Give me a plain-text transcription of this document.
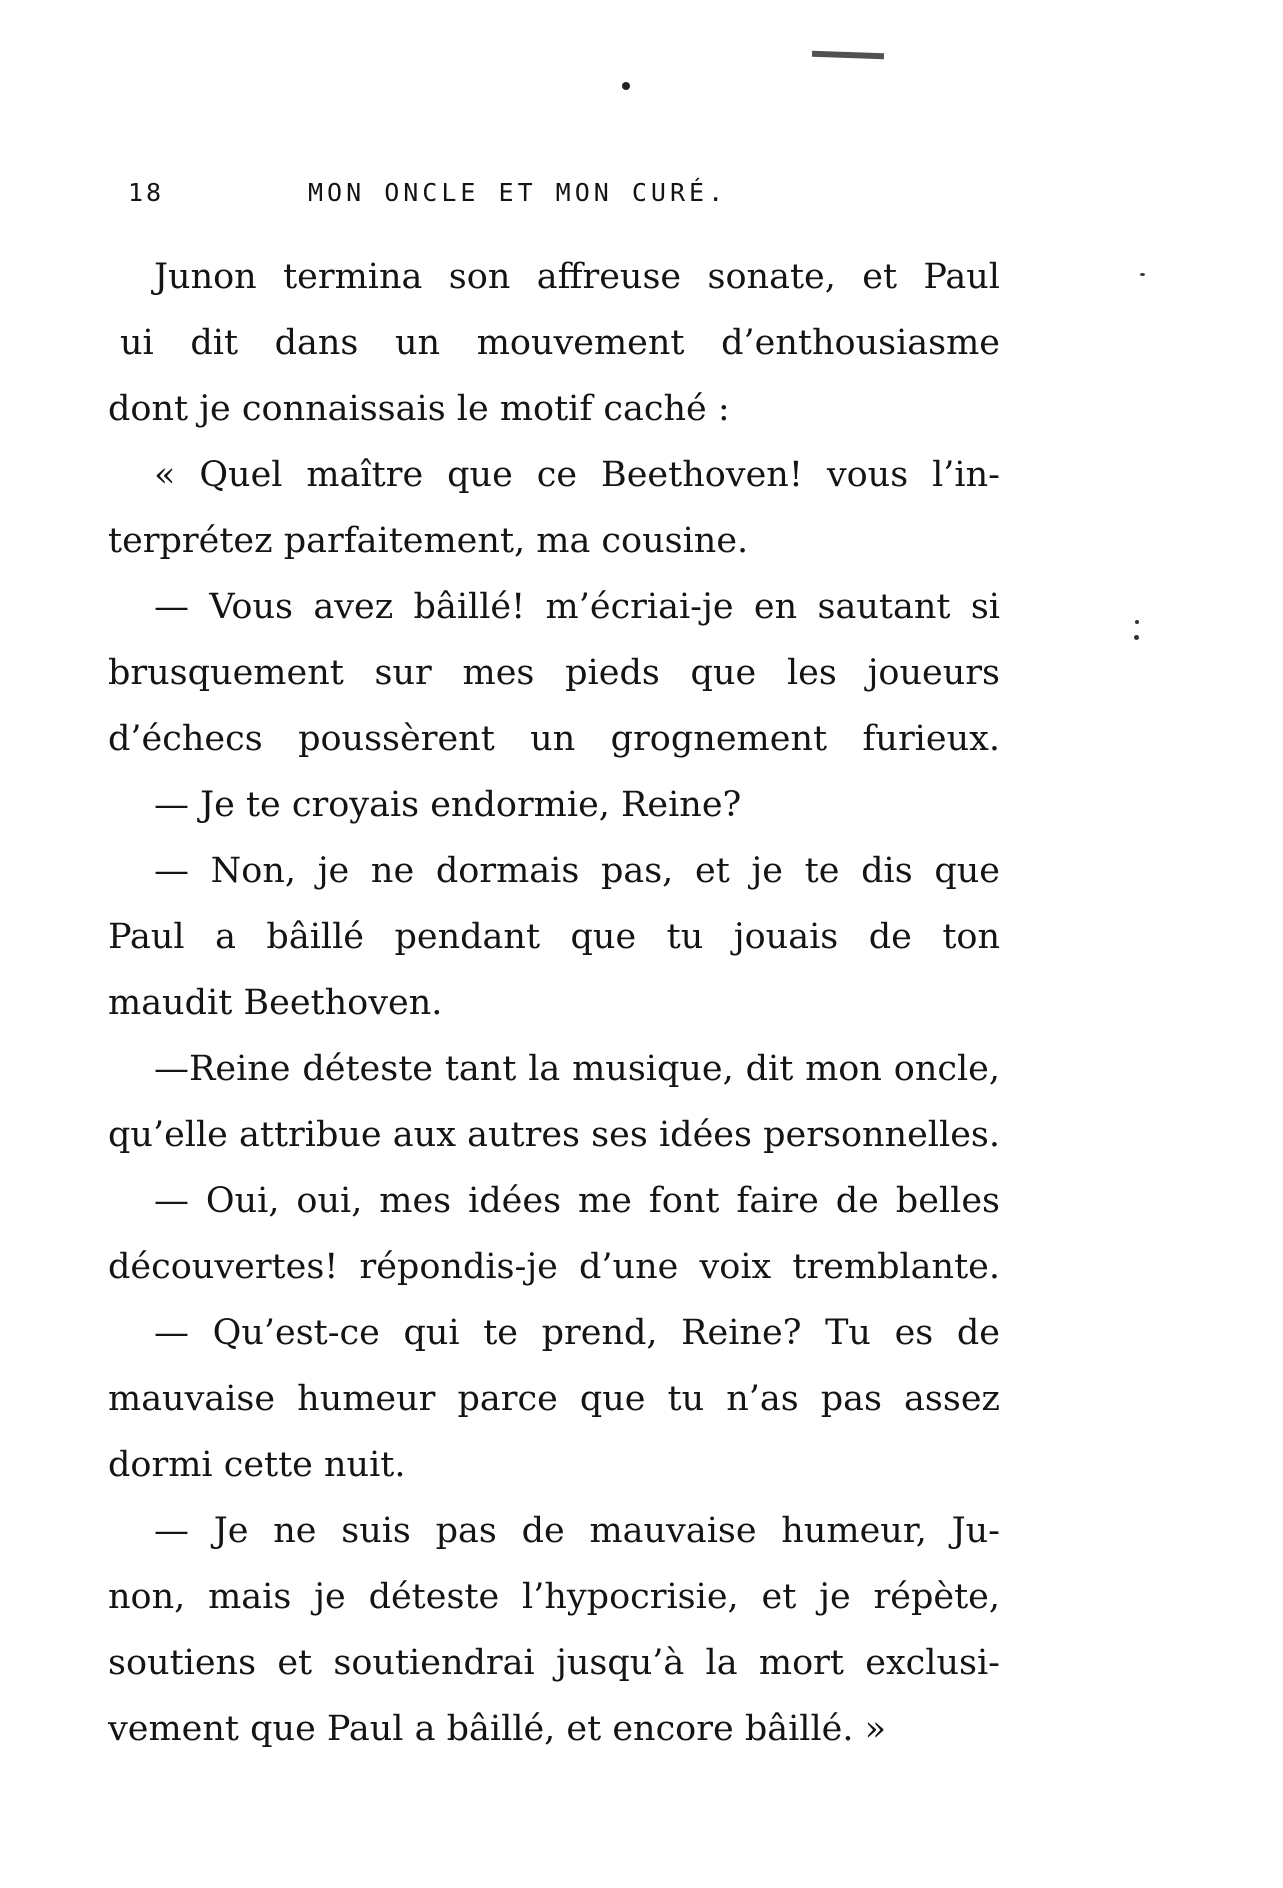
18	MON ONCLE ET MON CURÉ.
Junon termina son affreuse sonate, et Paul
ui dit dans un mouvement d’enthousiasme
dont je connaissais le motif caché :
« Quel maître que ce Beethoven! vous l’in-
terprétez parfaitement, ma cousine.
— Vous avez bâillé! m’écriai-je en sautant si
brusquement sur mes pieds que les joueurs
d’échecs poussèrent un grognement furieux.
— Je te croyais endormie, Reine?
— Non, je ne dormais pas, et je te dis que
Paul a bâillé pendant que tu jouais de ton
maudit Beethoven.
—Reine déteste tant la musique, dit mon oncle,
qu’elle attribue aux autres ses idées personnelles.
— Oui, oui, mes idées me font faire de belles
découvertes! répondis-je d’une voix tremblante.
— Qu’est-ce qui te prend, Reine? Tu es de
mauvaise humeur parce que tu n’as pas assez
dormi cette nuit.
— Je ne suis pas de mauvaise humeur, Ju-
non, mais je déteste l’hypocrisie, et je répète,
soutiens et soutiendrai jusqu’à la mort exclusi-
vement que Paul a bâillé, et encore bâillé. »
